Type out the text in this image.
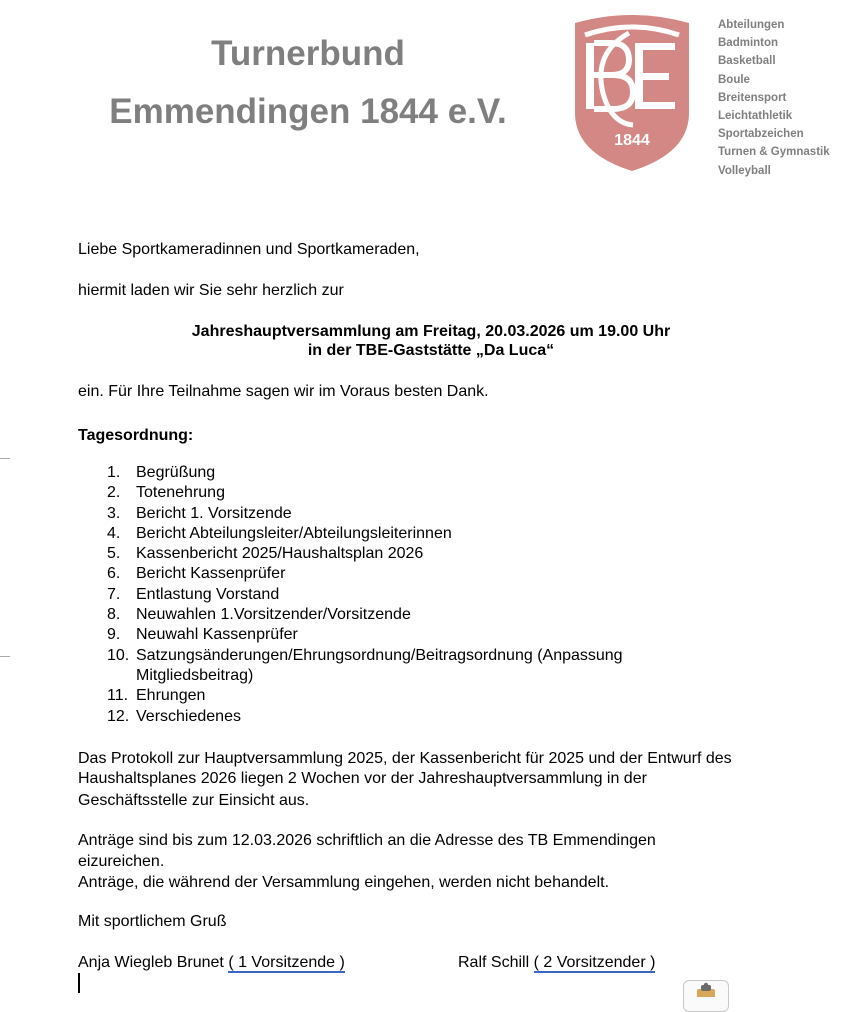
Turnerbund
Emmendingen 1844 e.V.
1844
Abteilungen
Badminton
Basketball
Boule
Breitensport
Leichtathletik
Sportabzeichen
Turnen & Gymnastik
Volleyball
Liebe Sportkameradinnen und Sportkameraden,
hiermit laden wir Sie sehr herzlich zur
Jahreshauptversammlung am Freitag, 20.03.2026 um 19.00 Uhr
in der TBE-Gaststätte „Da Luca“
ein. Für Ihre Teilnahme sagen wir im Voraus besten Dank.
Tagesordnung:
1. Begrüßung
2. Totenehrung
3. Bericht 1. Vorsitzende
4. Bericht Abteilungsleiter/Abteilungsleiterinnen
5. Kassenbericht 2025/Haushaltsplan 2026
6. Bericht Kassenprüfer
7. Entlastung Vorstand
8. Neuwahlen 1.Vorsitzender/Vorsitzende
9. Neuwahl Kassenprüfer
10. Satzungsänderungen/Ehrungsordnung/Beitragsordnung (Anpassung
Mitgliedsbeitrag)
11. Ehrungen
12. Verschiedenes
Das Protokoll zur Hauptversammlung 2025, der Kassenbericht für 2025 und der Entwurf des
Haushaltsplanes 2026 liegen 2 Wochen vor der Jahreshauptversammlung in der
Geschäftsstelle zur Einsicht aus.
Anträge sind bis zum 12.03.2026 schriftlich an die Adresse des TB Emmendingen
eizureichen.
Anträge, die während der Versammlung eingehen, werden nicht behandelt.
Mit sportlichem Gruß
Anja Wiegleb Brunet ( 1 Vorsitzende )	Ralf Schill ( 2 Vorsitzender )
